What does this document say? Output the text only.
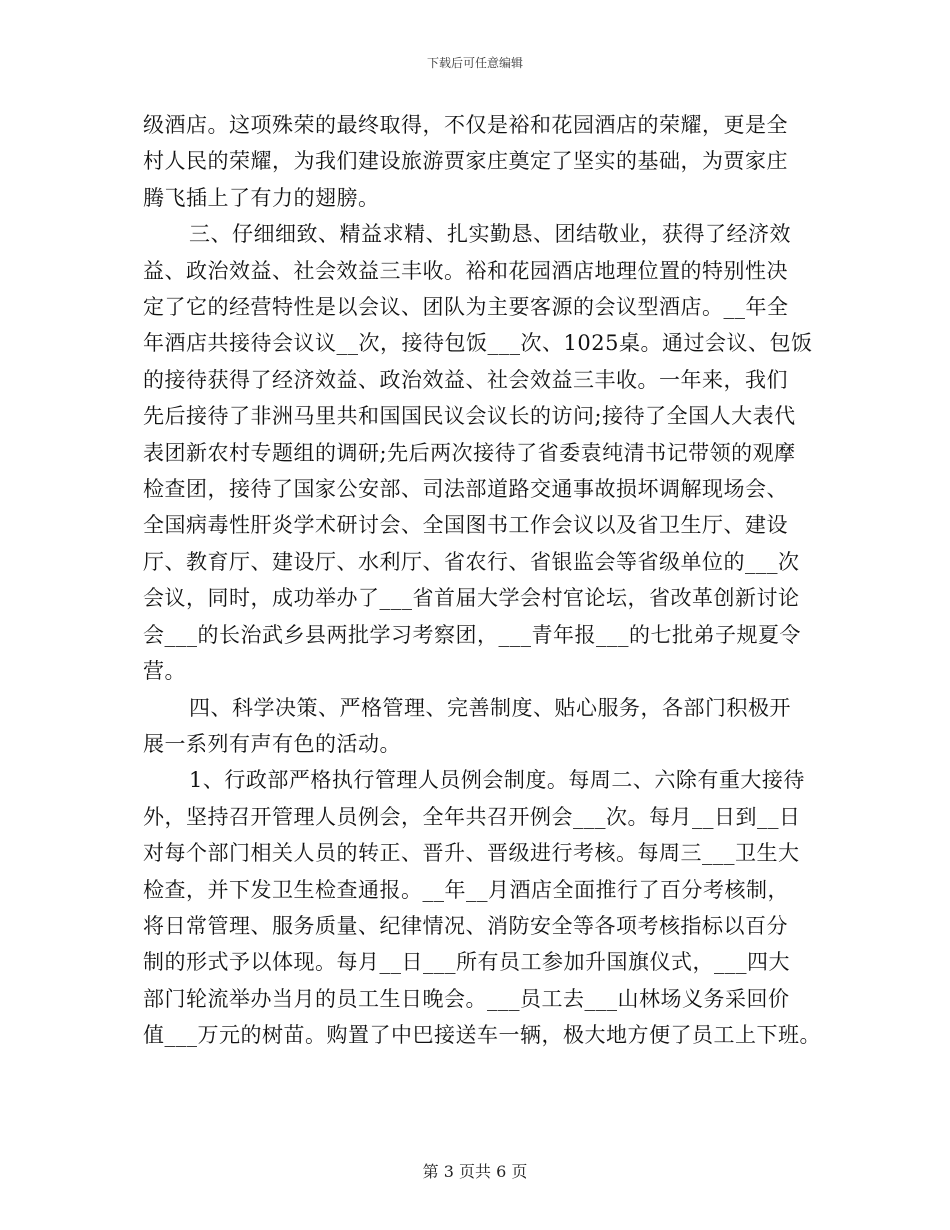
下载后可任意编辑
级酒店。这项殊荣的最终取得，不仅是裕和花园酒店的荣耀，更是全
村人民的荣耀，为我们建设旅游贾家庄奠定了坚实的基础，为贾家庄
腾飞插上了有力的翅膀。
三、仔细细致、精益求精、扎实勤恳、团结敬业，获得了经济效
益、政治效益、社会效益三丰收。裕和花园酒店地理位置的特别性决
定了它的经营特性是以会议、团队为主要客源的会议型酒店。__年全
年酒店共接待会议议__次，接待包饭___次、1025桌。通过会议、包饭
的接待获得了经济效益、政治效益、社会效益三丰收。一年来，我们
先后接待了非洲马里共和国国民议会议长的访问;接待了全国人大表代
表团新农村专题组的调研;先后两次接待了省委袁纯清书记带领的观摩
检查团，接待了国家公安部、司法部道路交通事故损坏调解现场会、
全国病毒性肝炎学术研讨会、全国图书工作会议以及省卫生厅、建设
厅、教育厅、建设厅、水利厅、省农行、省银监会等省级单位的___次
会议，同时，成功举办了___省首届大学会村官论坛，省改革创新讨论
会___的长治武乡县两批学习考察团，___青年报___的七批弟子规夏令
营。
四、科学决策、严格管理、完善制度、贴心服务，各部门积极开
展一系列有声有色的活动。
1、行政部严格执行管理人员例会制度。每周二、六除有重大接待
外，坚持召开管理人员例会，全年共召开例会___次。每月__日到__日
对每个部门相关人员的转正、晋升、晋级进行考核。每周三___卫生大
检查，并下发卫生检查通报。__年__月酒店全面推行了百分考核制，
将日常管理、服务质量、纪律情况、消防安全等各项考核指标以百分
制的形式予以体现。每月__日___所有员工参加升国旗仪式，___四大
部门轮流举办当月的员工生日晚会。___员工去___山林场义务采回价
值___万元的树苗。购置了中巴接送车一辆，极大地方便了员工上下班。
第 3 页共 6 页
